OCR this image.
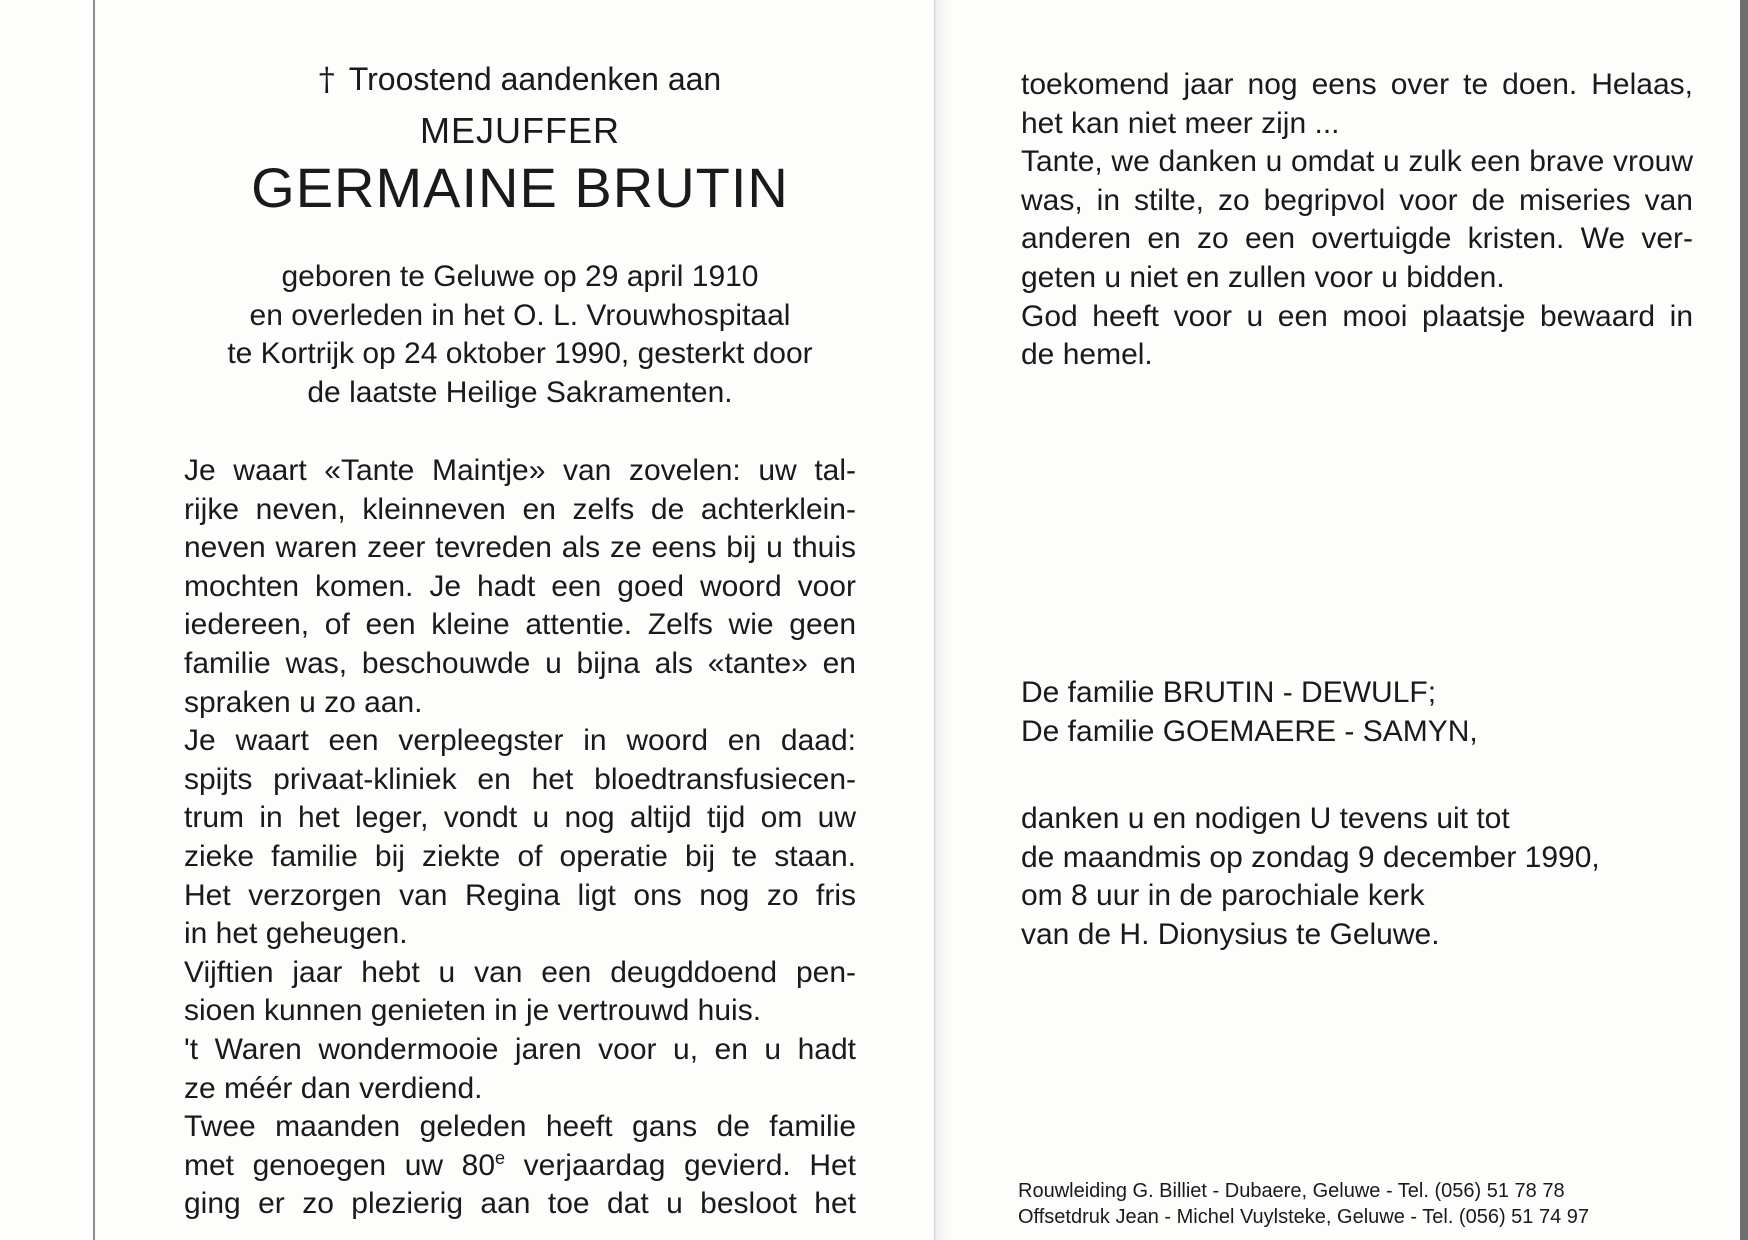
† Troostend aandenken aan
MEJUFFER
GERMAINE BRUTIN
geboren te Geluwe op 29 april 1910
en overleden in het O. L. Vrouwhospitaal
te Kortrijk op 24 oktober 1990, gesterkt door
de laatste Heilige Sakramenten.
Je waart «Tante Maintje» van zovelen: uw tal-
rijke neven, kleinneven en zelfs de achterklein-
neven waren zeer tevreden als ze eens bij u thuis
mochten komen. Je hadt een goed woord voor
iedereen, of een kleine attentie. Zelfs wie geen
familie was, beschouwde u bijna als «tante» en
spraken u zo aan.
Je waart een verpleegster in woord en daad:
spijts privaat-kliniek en het bloedtransfusiecen-
trum in het leger, vondt u nog altijd tijd om uw
zieke familie bij ziekte of operatie bij te staan.
Het verzorgen van Regina ligt ons nog zo fris
in het geheugen.
Vijftien jaar hebt u van een deugddoend pen-
sioen kunnen genieten in je vertrouwd huis.
't Waren wondermooie jaren voor u, en u hadt
ze méér dan verdiend.
Twee maanden geleden heeft gans de familie
met genoegen uw 80e verjaardag gevierd. Het
ging er zo plezierig aan toe dat u besloot het
toekomend jaar nog eens over te doen. Helaas,
het kan niet meer zijn ...
Tante, we danken u omdat u zulk een brave vrouw
was, in stilte, zo begripvol voor de miseries van
anderen en zo een overtuigde kristen. We ver-
geten u niet en zullen voor u bidden.
God heeft voor u een mooi plaatsje bewaard in
de hemel.
De familie BRUTIN - DEWULF;
De familie GOEMAERE - SAMYN,
danken u en nodigen U tevens uit tot
de maandmis op zondag 9 december 1990,
om 8 uur in de parochiale kerk
van de H. Dionysius te Geluwe.
Rouwleiding G. Billiet - Dubaere, Geluwe - Tel. (056) 51 78 78
Offsetdruk Jean - Michel Vuylsteke, Geluwe - Tel. (056) 51 74 97
